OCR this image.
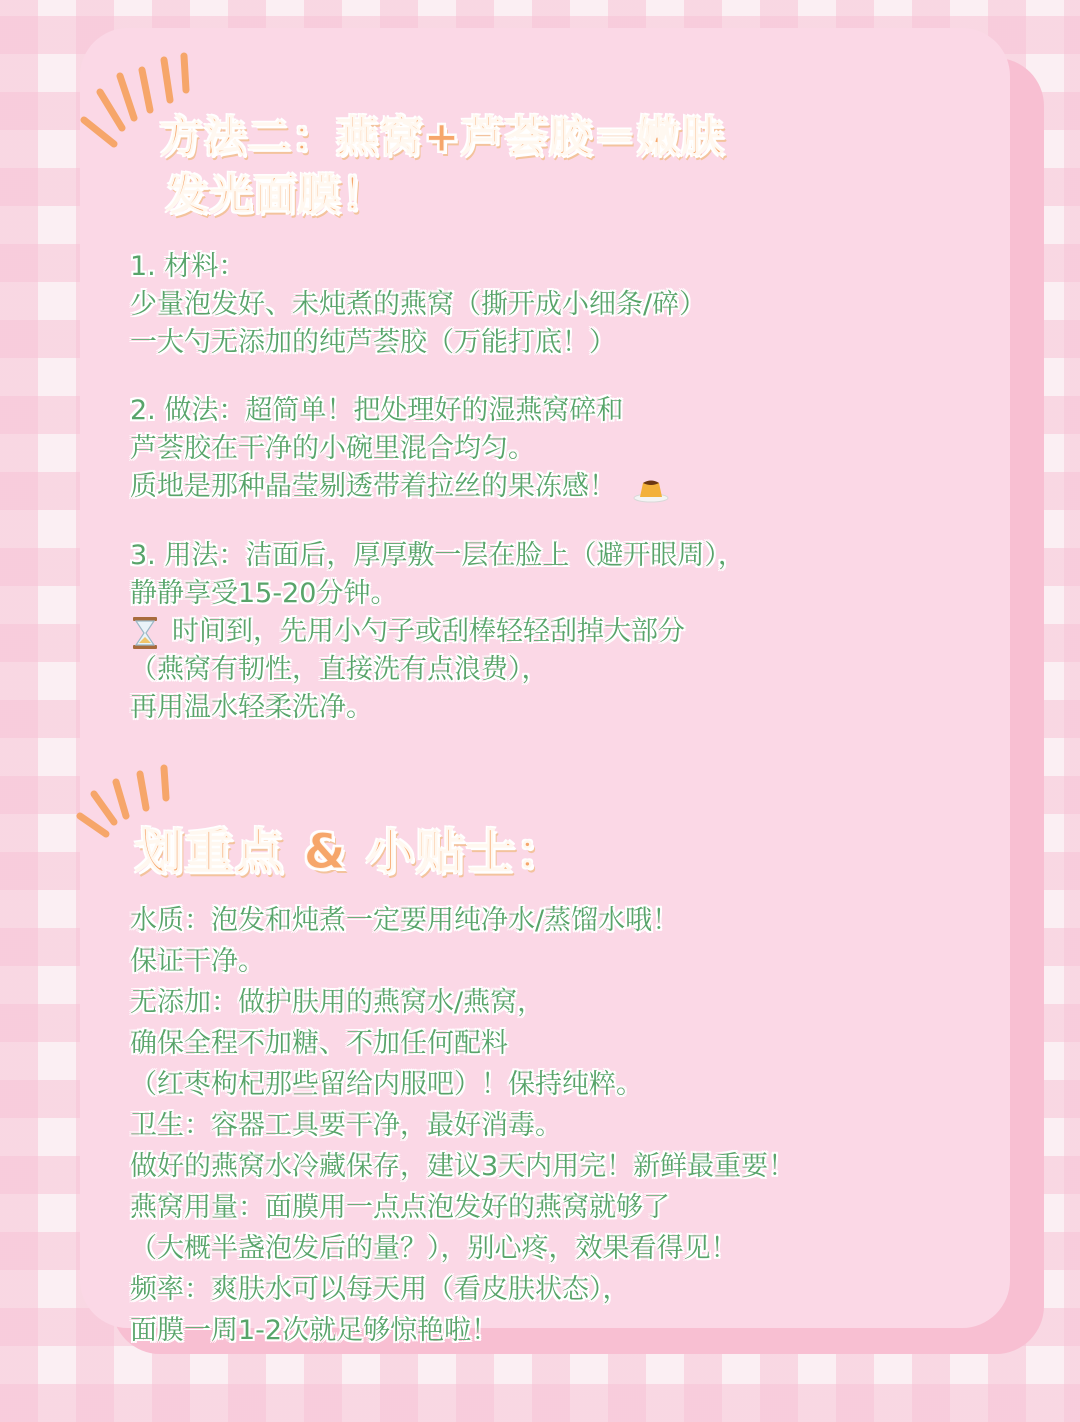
方法二：燕窝+芦荟胶＝嫩肤
发光面膜！
1. 材料：
少量泡发好、未炖煮的燕窝（撕开成小细条/碎）
一大勺无添加的纯芦荟胶（万能打底！）
2. 做法：超简单！把处理好的湿燕窝碎和
芦荟胶在干净的小碗里混合均匀。
质地是那种晶莹剔透带着拉丝的果冻感！
3. 用法：洁面后，厚厚敷一层在脸上（避开眼周），
静静享受15-20分钟。
时间到，先用小勺子或刮棒轻轻刮掉大部分
（燕窝有韧性，直接洗有点浪费），
再用温水轻柔洗净。
划重点 & 小贴士：
水质：泡发和炖煮一定要用纯净水/蒸馏水哦！
保证干净。
无添加：做护肤用的燕窝水/燕窝，
确保全程不加糖、不加任何配料
（红枣枸杞那些留给内服吧）！保持纯粹。
卫生：容器工具要干净，最好消毒。
做好的燕窝水冷藏保存，建议3天内用完！新鲜最重要！
燕窝用量：面膜用一点点泡发好的燕窝就够了
（大概半盏泡发后的量？），别心疼，效果看得见！
频率：爽肤水可以每天用（看皮肤状态），
面膜一周1-2次就足够惊艳啦！
